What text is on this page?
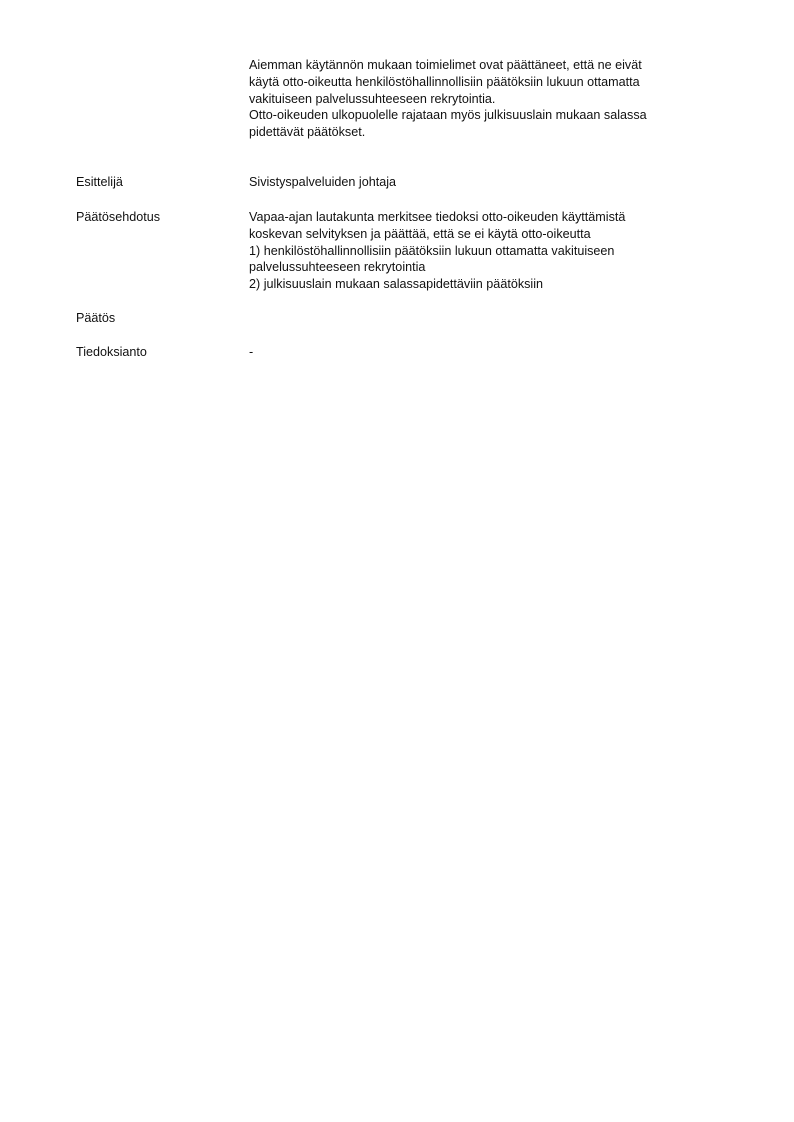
Aiemman käytännön mukaan toimielimet ovat päättäneet, että ne eivät
käytä otto-oikeutta henkilöstöhallinnollisiin päätöksiin lukuun ottamatta
vakituiseen palvelussuhteeseen rekrytointia.
Otto-oikeuden ulkopuolelle rajataan myös julkisuuslain mukaan salassa
pidettävät päätökset.
Esittelijä	Sivistyspalveluiden johtaja
Päätösehdotus	Vapaa-ajan lautakunta merkitsee tiedoksi otto-oikeuden käyttämistä
koskevan selvityksen ja päättää, että se ei käytä otto-oikeutta
1) henkilöstöhallinnollisiin päätöksiin lukuun ottamatta vakituiseen
palvelussuhteeseen rekrytointia
2) julkisuuslain mukaan salassapidettäviin päätöksiin
Päätös
Tiedoksianto	-
